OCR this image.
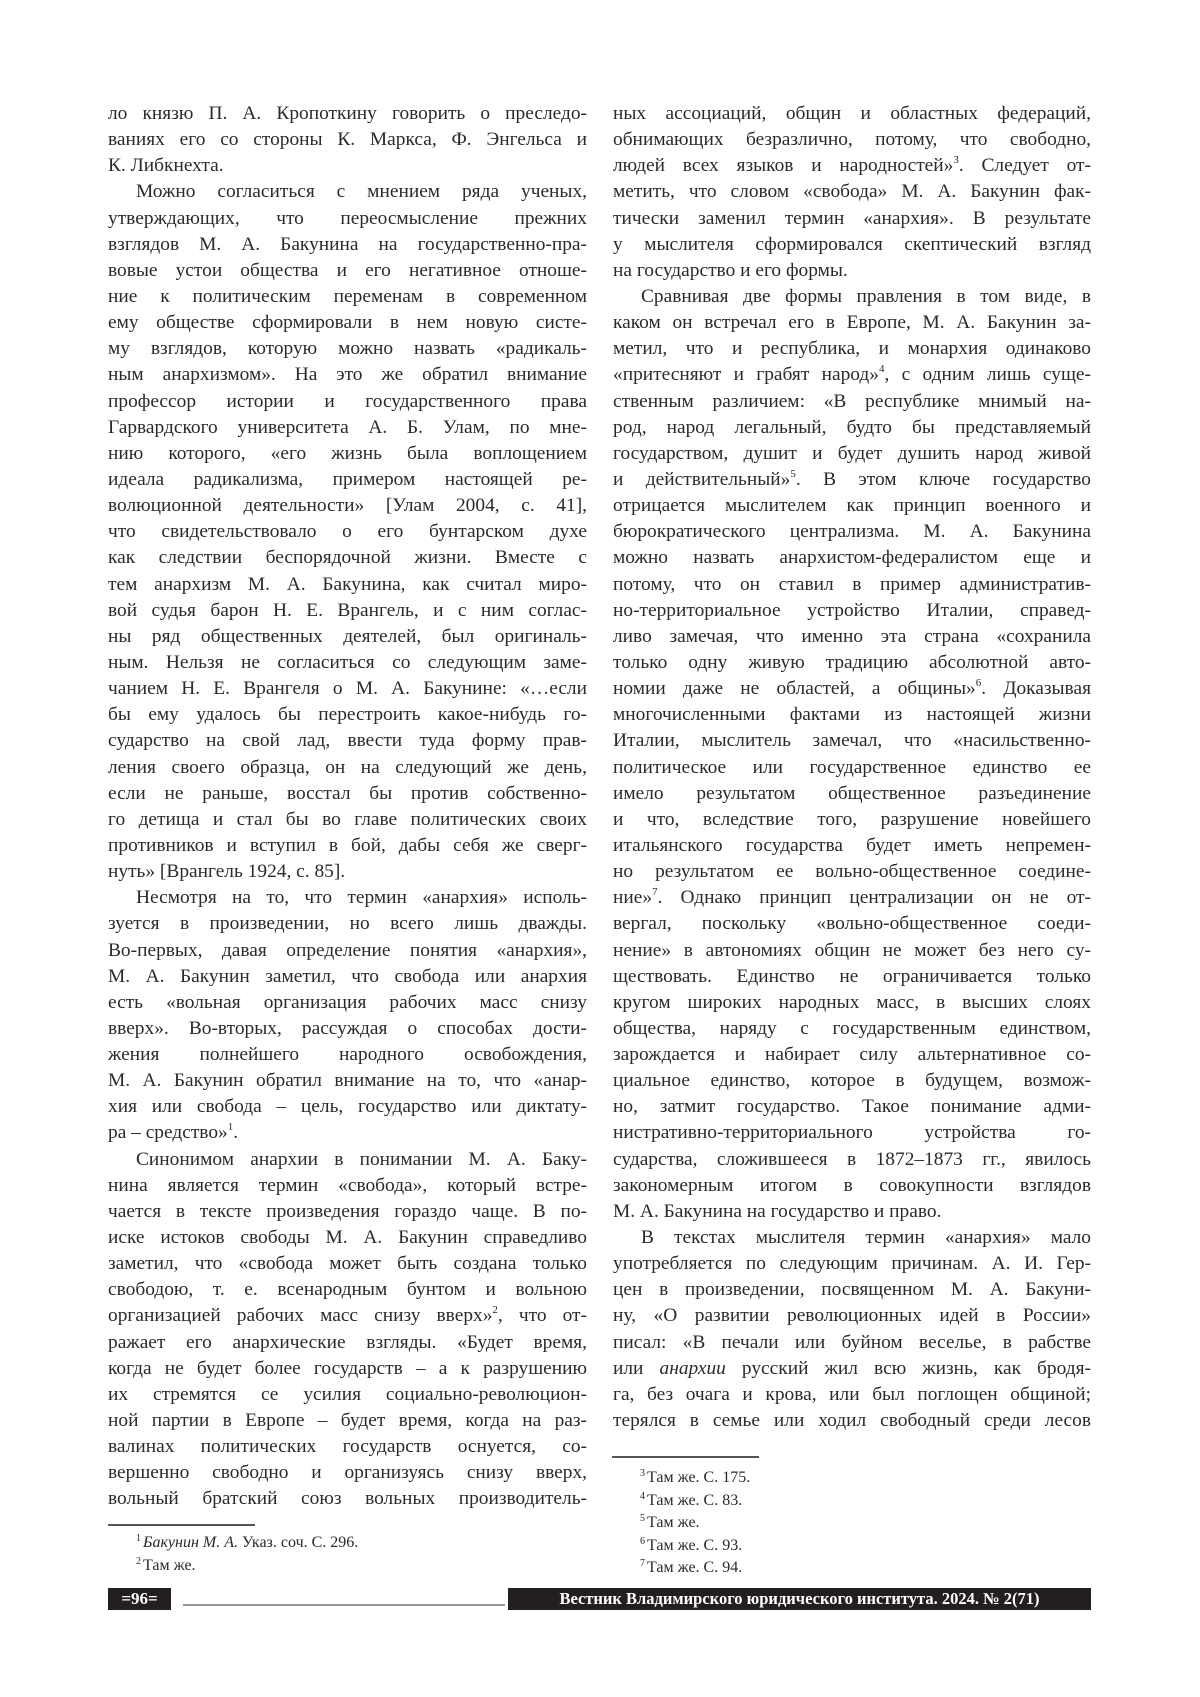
ло князю П. А. Кропоткину говорить о преследо-
ваниях его со стороны К. Маркса, Ф. Энгельса и
К. Либкнехта.
Можно согласиться с мнением ряда ученых,
утверждающих, что переосмысление прежних
взглядов М. А. Бакунина на государственно-пра-
вовые устои общества и его негативное отноше-
ние к политическим переменам в современном
ему обществе сформировали в нем новую систе-
му взглядов, которую можно назвать «радикаль-
ным анархизмом». На это же обратил внимание
профессор истории и государственного права
Гарвардского университета А. Б. Улам, по мне-
нию которого, «его жизнь была воплощением
идеала радикализма, примером настоящей ре-
волюционной деятельности» [Улам 2004, с. 41],
что свидетельствовало о его бунтарском духе
как следствии беспорядочной жизни. Вместе с
тем анархизм М. А. Бакунина, как считал миро-
вой судья барон Н. Е. Врангель, и с ним соглас-
ны ряд общественных деятелей, был оригиналь-
ным. Нельзя не согласиться со следующим заме-
чанием Н. Е. Врангеля о М. А. Бакунине: «…если
бы ему удалось бы перестроить какое-нибудь го-
сударство на свой лад, ввести туда форму прав-
ления своего образца, он на следующий же день,
если не раньше, восстал бы против собственно-
го детища и стал бы во главе политических своих
противников и вступил в бой, дабы себя же сверг-
нуть» [Врангель 1924, с. 85].
Несмотря на то, что термин «анархия» исполь-
зуется в произведении, но всего лишь дважды.
Во-первых, давая определение понятия «анархия»,
М. А. Бакунин заметил, что свобода или анархия
есть «вольная организация рабочих масс снизу
вверх». Во-вторых, рассуждая о способах дости-
жения полнейшего народного освобождения,
М. А. Бакунин обратил внимание на то, что «анар-
хия или свобода – цель, государство или диктату-
ра – средство»1.
Синонимом анархии в понимании М. А. Баку-
нина является термин «свобода», который встре-
чается в тексте произведения гораздо чаще. В по-
иске истоков свободы М. А. Бакунин справедливо
заметил, что «свобода может быть создана только
свободою, т. е. всенародным бунтом и вольною
организацией рабочих масс снизу вверх»2, что от-
ражает его анархические взгляды. «Будет время,
когда не будет более государств – а к разрушению
их стремятся се усилия социально-революцион-
ной партии в Европе – будет время, когда на раз-
валинах политических государств оснуется, со-
вершенно свободно и организуясь снизу вверх,
вольный братский союз вольных производитель-
ных ассоциаций, общин и областных федераций,
обнимающих безразлично, потому, что свободно,
людей всех языков и народностей»3. Следует от-
метить, что словом «свобода» М. А. Бакунин фак-
тически заменил термин «анархия». В результате
у мыслителя сформировался скептический взгляд
на государство и его формы.
Сравнивая две формы правления в том виде, в
каком он встречал его в Европе, М. А. Бакунин за-
метил, что и республика, и монархия одинаково
«притесняют и грабят народ»4, с одним лишь суще-
ственным различием: «В республике мнимый на-
род, народ легальный, будто бы представляемый
государством, душит и будет душить народ живой
и действительный»5. В этом ключе государство
отрицается мыслителем как принцип военного и
бюрократического централизма. М. А. Бакунина
можно назвать анархистом-федералистом еще и
потому, что он ставил в пример административ-
но-территориальное устройство Италии, справед-
ливо замечая, что именно эта страна «сохранила
только одну живую традицию абсолютной авто-
номии даже не областей, а общины»6. Доказывая
многочисленными фактами из настоящей жизни
Италии, мыслитель замечал, что «насильственно-
политическое или государственное единство ее
имело результатом общественное разъединение
и что, вследствие того, разрушение новейшего
итальянского государства будет иметь непремен-
но результатом ее вольно-общественное соедине-
ние»7. Однако принцип централизации он не от-
вергал, поскольку «вольно-общественное соеди-
нение» в автономиях общин не может без него су-
ществовать. Единство не ограничивается только
кругом широких народных масс, в высших слоях
общества, наряду с государственным единством,
зарождается и набирает силу альтернативное со-
циальное единство, которое в будущем, возмож-
но, затмит государство. Такое понимание адми-
нистративно-территориального устройства го-
сударства, сложившееся в 1872–1873 гг., явилось
закономерным итогом в совокупности взглядов
М. А. Бакунина на государство и право.
В текстах мыслителя термин «анархия» мало
употребляется по следующим причинам. А. И. Гер-
цен в произведении, посвященном М. А. Бакуни-
ну, «О развитии революционных идей в России»
писал: «В печали или буйном веселье, в рабстве
или анархии русский жил всю жизнь, как бродя-
га, без очага и крова, или был поглощен общиной;
терялся в семье или ходил свободный среди лесов
1 Бакунин М. А. Указ. соч. С. 296.
2 Там же.
3 Там же. С. 175.
4 Там же. С. 83.
5 Там же.
6 Там же. С. 93.
7 Там же. С. 94.
=96=	Вестник Владимирского юридического института. 2024. № 2(71)
